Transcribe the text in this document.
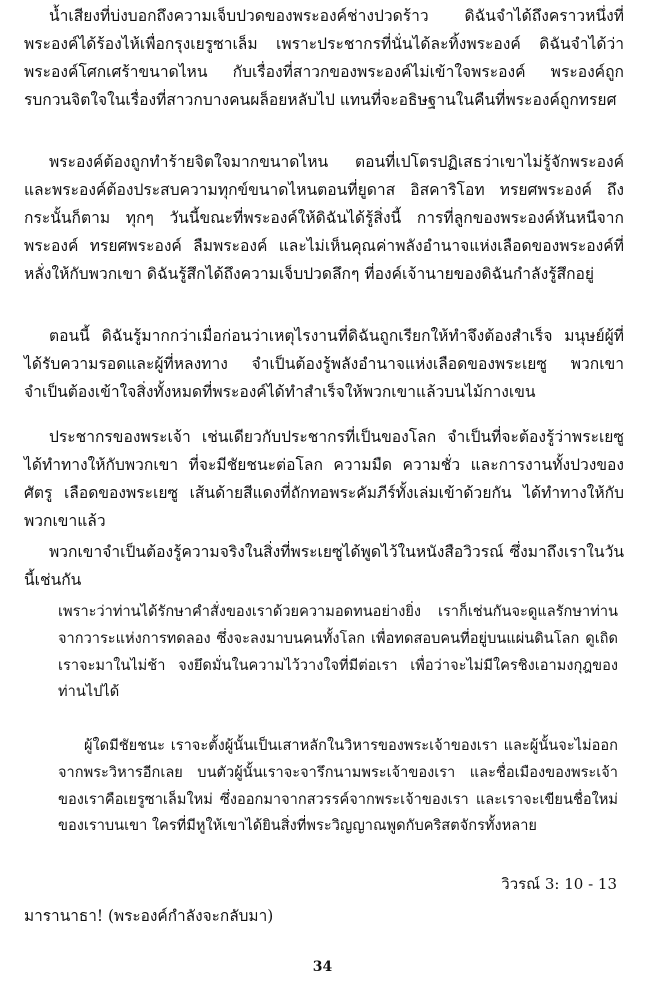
น้ำเสียงที่บ่งบอกถึงความเจ็บปวดของพระองค์ช่างปวดร้าว ดิฉันจำได้ถึงคราวหนึ่งที่พระองค์ได้ร้องไห้เพื่อกรุงเยรูซาเล็ม เพราะประชากรที่นั่นได้ละทิ้งพระองค์ ดิฉันจำได้ว่าพระองค์โศกเศร้าขนาดไหน กับเรื่องที่สาวกของพระองค์ไม่เข้าใจพระองค์ พระองค์ถูกรบกวนจิตใจในเรื่องที่สาวกบางคนผล็อยหลับไป แทนที่จะอธิษฐานในคืนที่พระองค์ถูกทรยศ

พระองค์ต้องถูกทำร้ายจิตใจมากขนาดไหน ตอนที่เปโตรปฏิเสธว่าเขาไม่รู้จักพระองค์และพระองค์ต้องประสบความทุกข์ขนาดไหนตอนที่ยูดาส อิสคาริโอท ทรยศพระองค์ ถึงกระนั้นก็ตาม ทุกๆ วันนี้ขณะที่พระองค์ให้ดิฉันได้รู้สิ่งนี้ การที่ลูกของพระองค์หันหนีจากพระองค์ ทรยศพระองค์ ลืมพระองค์ และไม่เห็นคุณค่าพลังอำนาจแห่งเลือดของพระองค์ที่หลั่งให้กับพวกเขา ดิฉันรู้สึกได้ถึงความเจ็บปวดลึกๆ ที่องค์เจ้านายของดิฉันกำลังรู้สึกอยู่

ตอนนี้ ดิฉันรู้มากกว่าเมื่อก่อนว่าเหตุไรงานที่ดิฉันถูกเรียกให้ทำจึงต้องสำเร็จ มนุษย์ผู้ที่ได้รับความรอดและผู้ที่หลงทาง จำเป็นต้องรู้พลังอำนาจแห่งเลือดของพระเยซู พวกเขาจำเป็นต้องเข้าใจสิ่งทั้งหมดที่พระองค์ได้ทำสำเร็จให้พวกเขาแล้วบนไม้กางเขน

ประชากรของพระเจ้า เช่นเดียวกับประชากรที่เป็นของโลก จำเป็นที่จะต้องรู้ว่าพระเยซูได้ทำทางให้กับพวกเขา ที่จะมีชัยชนะต่อโลก ความมืด ความชั่ว และการงานทั้งปวงของศัตรู เลือดของพระเยซู เส้นด้ายสีแดงที่ถักทอพระคัมภีร์ทั้งเล่มเข้าด้วยกัน ได้ทำทางให้กับพวกเขาแล้ว

พวกเขาจำเป็นต้องรู้ความจริงในสิ่งที่พระเยซูได้พูดไว้ในหนังสือวิวรณ์ ซึ่งมาถึงเราในวันนี้เช่นกัน

เพราะว่าท่านได้รักษาคำสั่งของเราด้วยความอดทนอย่างยิ่ง เราก็เช่นกันจะดูแลรักษาท่านจากวาระแห่งการทดลอง ซึ่งจะลงมาบนคนทั้งโลก เพื่อทดสอบคนที่อยู่บนแผ่นดินโลก ดูเถิดเราจะมาในไม่ช้า จงยึดมั่นในความไว้วางใจที่มีต่อเรา เพื่อว่าจะไม่มีใครชิงเอามงกุฎของท่านไปได้

ผู้ใดมีชัยชนะ เราจะตั้งผู้นั้นเป็นเสาหลักในวิหารของพระเจ้าของเรา และผู้นั้นจะไม่ออกจากพระวิหารอีกเลย บนตัวผู้นั้นเราจะจารึกนามพระเจ้าของเรา และชื่อเมืองของพระเจ้าของเราคือเยรูซาเล็มใหม่ ซึ่งออกมาจากสวรรค์จากพระเจ้าของเรา และเราจะเขียนชื่อใหม่ของเราบนเขา ใครที่มีหูให้เขาได้ยินสิ่งที่พระวิญญาณพูดกับคริสตจักรทั้งหลาย

วิวรณ์ 3: 10 - 13
มารานาธา! (พระองค์กำลังจะกลับมา)
34
